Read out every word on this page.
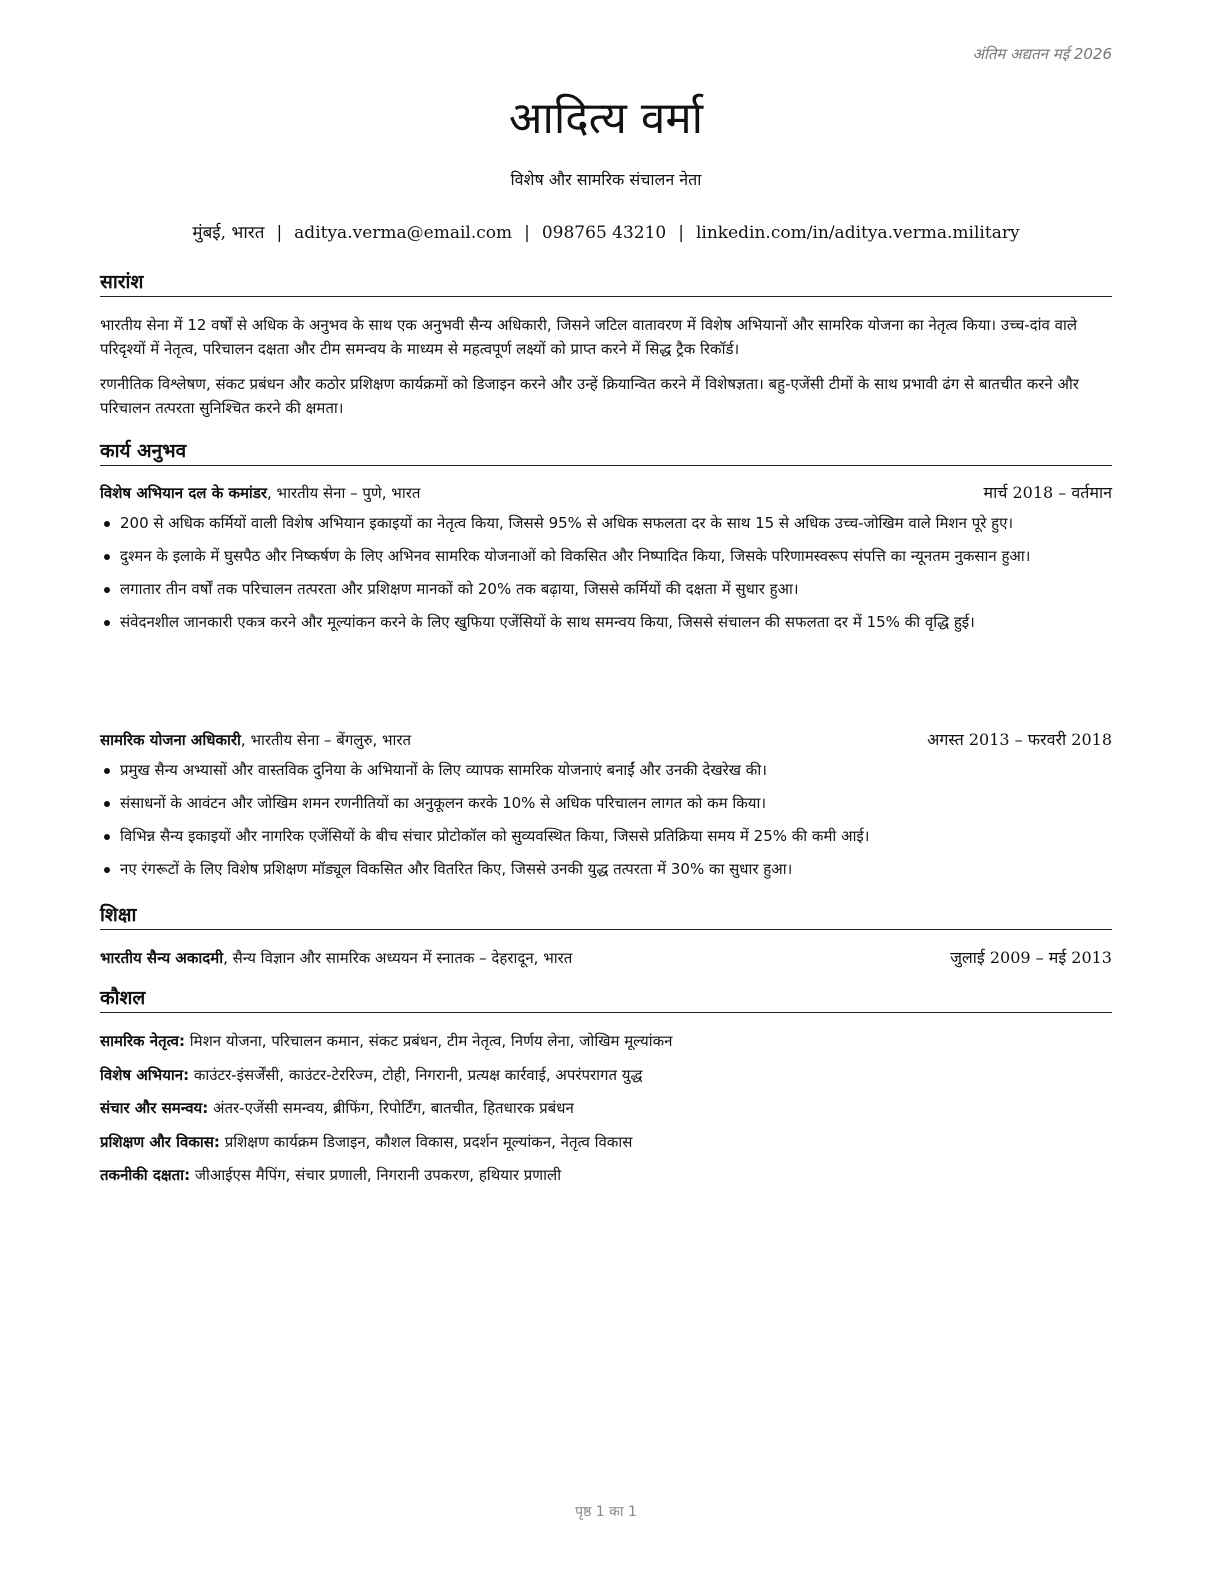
अंतिम अद्यतन मई 2026
आदित्य वर्मा
विशेष और सामरिक संचालन नेता
मुंबई, भारत | aditya.verma@email.com | 098765 43210 | linkedin.com/in/aditya.verma.military
सारांश
भारतीय सेना में 12 वर्षों से अधिक के अनुभव के साथ एक अनुभवी सैन्य अधिकारी, जिसने जटिल वातावरण में विशेष अभियानों और सामरिक योजना का नेतृत्व किया। उच्च-दांव वाले परिदृश्यों में नेतृत्व, परिचालन दक्षता और टीम समन्वय के माध्यम से महत्वपूर्ण लक्ष्यों को प्राप्त करने में सिद्ध ट्रैक रिकॉर्ड।
रणनीतिक विश्लेषण, संकट प्रबंधन और कठोर प्रशिक्षण कार्यक्रमों को डिजाइन करने और उन्हें क्रियान्वित करने में विशेषज्ञता। बहु-एजेंसी टीमों के साथ प्रभावी ढंग से बातचीत करने और परिचालन तत्परता सुनिश्चित करने की क्षमता।
कार्य अनुभव
विशेष अभियान दल के कमांडर, भारतीय सेना – पुणे, भारत	मार्च 2018 – वर्तमान
200 से अधिक कर्मियों वाली विशेष अभियान इकाइयों का नेतृत्व किया, जिससे 95% से अधिक सफलता दर के साथ 15 से अधिक उच्च-जोखिम वाले मिशन पूरे हुए।
दुश्मन के इलाके में घुसपैठ और निष्कर्षण के लिए अभिनव सामरिक योजनाओं को विकसित और निष्पादित किया, जिसके परिणामस्वरूप संपत्ति का न्यूनतम नुकसान हुआ।
लगातार तीन वर्षों तक परिचालन तत्परता और प्रशिक्षण मानकों को 20% तक बढ़ाया, जिससे कर्मियों की दक्षता में सुधार हुआ।
संवेदनशील जानकारी एकत्र करने और मूल्यांकन करने के लिए खुफिया एजेंसियों के साथ समन्वय किया, जिससे संचालन की सफलता दर में 15% की वृद्धि हुई।
सामरिक योजना अधिकारी, भारतीय सेना – बेंगलुरु, भारत	अगस्त 2013 – फरवरी 2018
प्रमुख सैन्य अभ्यासों और वास्तविक दुनिया के अभियानों के लिए व्यापक सामरिक योजनाएं बनाईं और उनकी देखरेख की।
संसाधनों के आवंटन और जोखिम शमन रणनीतियों का अनुकूलन करके 10% से अधिक परिचालन लागत को कम किया।
विभिन्न सैन्य इकाइयों और नागरिक एजेंसियों के बीच संचार प्रोटोकॉल को सुव्यवस्थित किया, जिससे प्रतिक्रिया समय में 25% की कमी आई।
नए रंगरूटों के लिए विशेष प्रशिक्षण मॉड्यूल विकसित और वितरित किए, जिससे उनकी युद्ध तत्परता में 30% का सुधार हुआ।
शिक्षा
भारतीय सैन्य अकादमी, सैन्य विज्ञान और सामरिक अध्ययन में स्नातक – देहरादून, भारत	जुलाई 2009 – मई 2013
कौशल
सामरिक नेतृत्व: मिशन योजना, परिचालन कमान, संकट प्रबंधन, टीम नेतृत्व, निर्णय लेना, जोखिम मूल्यांकन
विशेष अभियान: काउंटर-इंसर्जेंसी, काउंटर-टेररिज्म, टोही, निगरानी, प्रत्यक्ष कार्रवाई, अपरंपरागत युद्ध
संचार और समन्वय: अंतर-एजेंसी समन्वय, ब्रीफिंग, रिपोर्टिंग, बातचीत, हितधारक प्रबंधन
प्रशिक्षण और विकास: प्रशिक्षण कार्यक्रम डिजाइन, कौशल विकास, प्रदर्शन मूल्यांकन, नेतृत्व विकास
तकनीकी दक्षता: जीआईएस मैपिंग, संचार प्रणाली, निगरानी उपकरण, हथियार प्रणाली
पृष्ठ 1 का 1
